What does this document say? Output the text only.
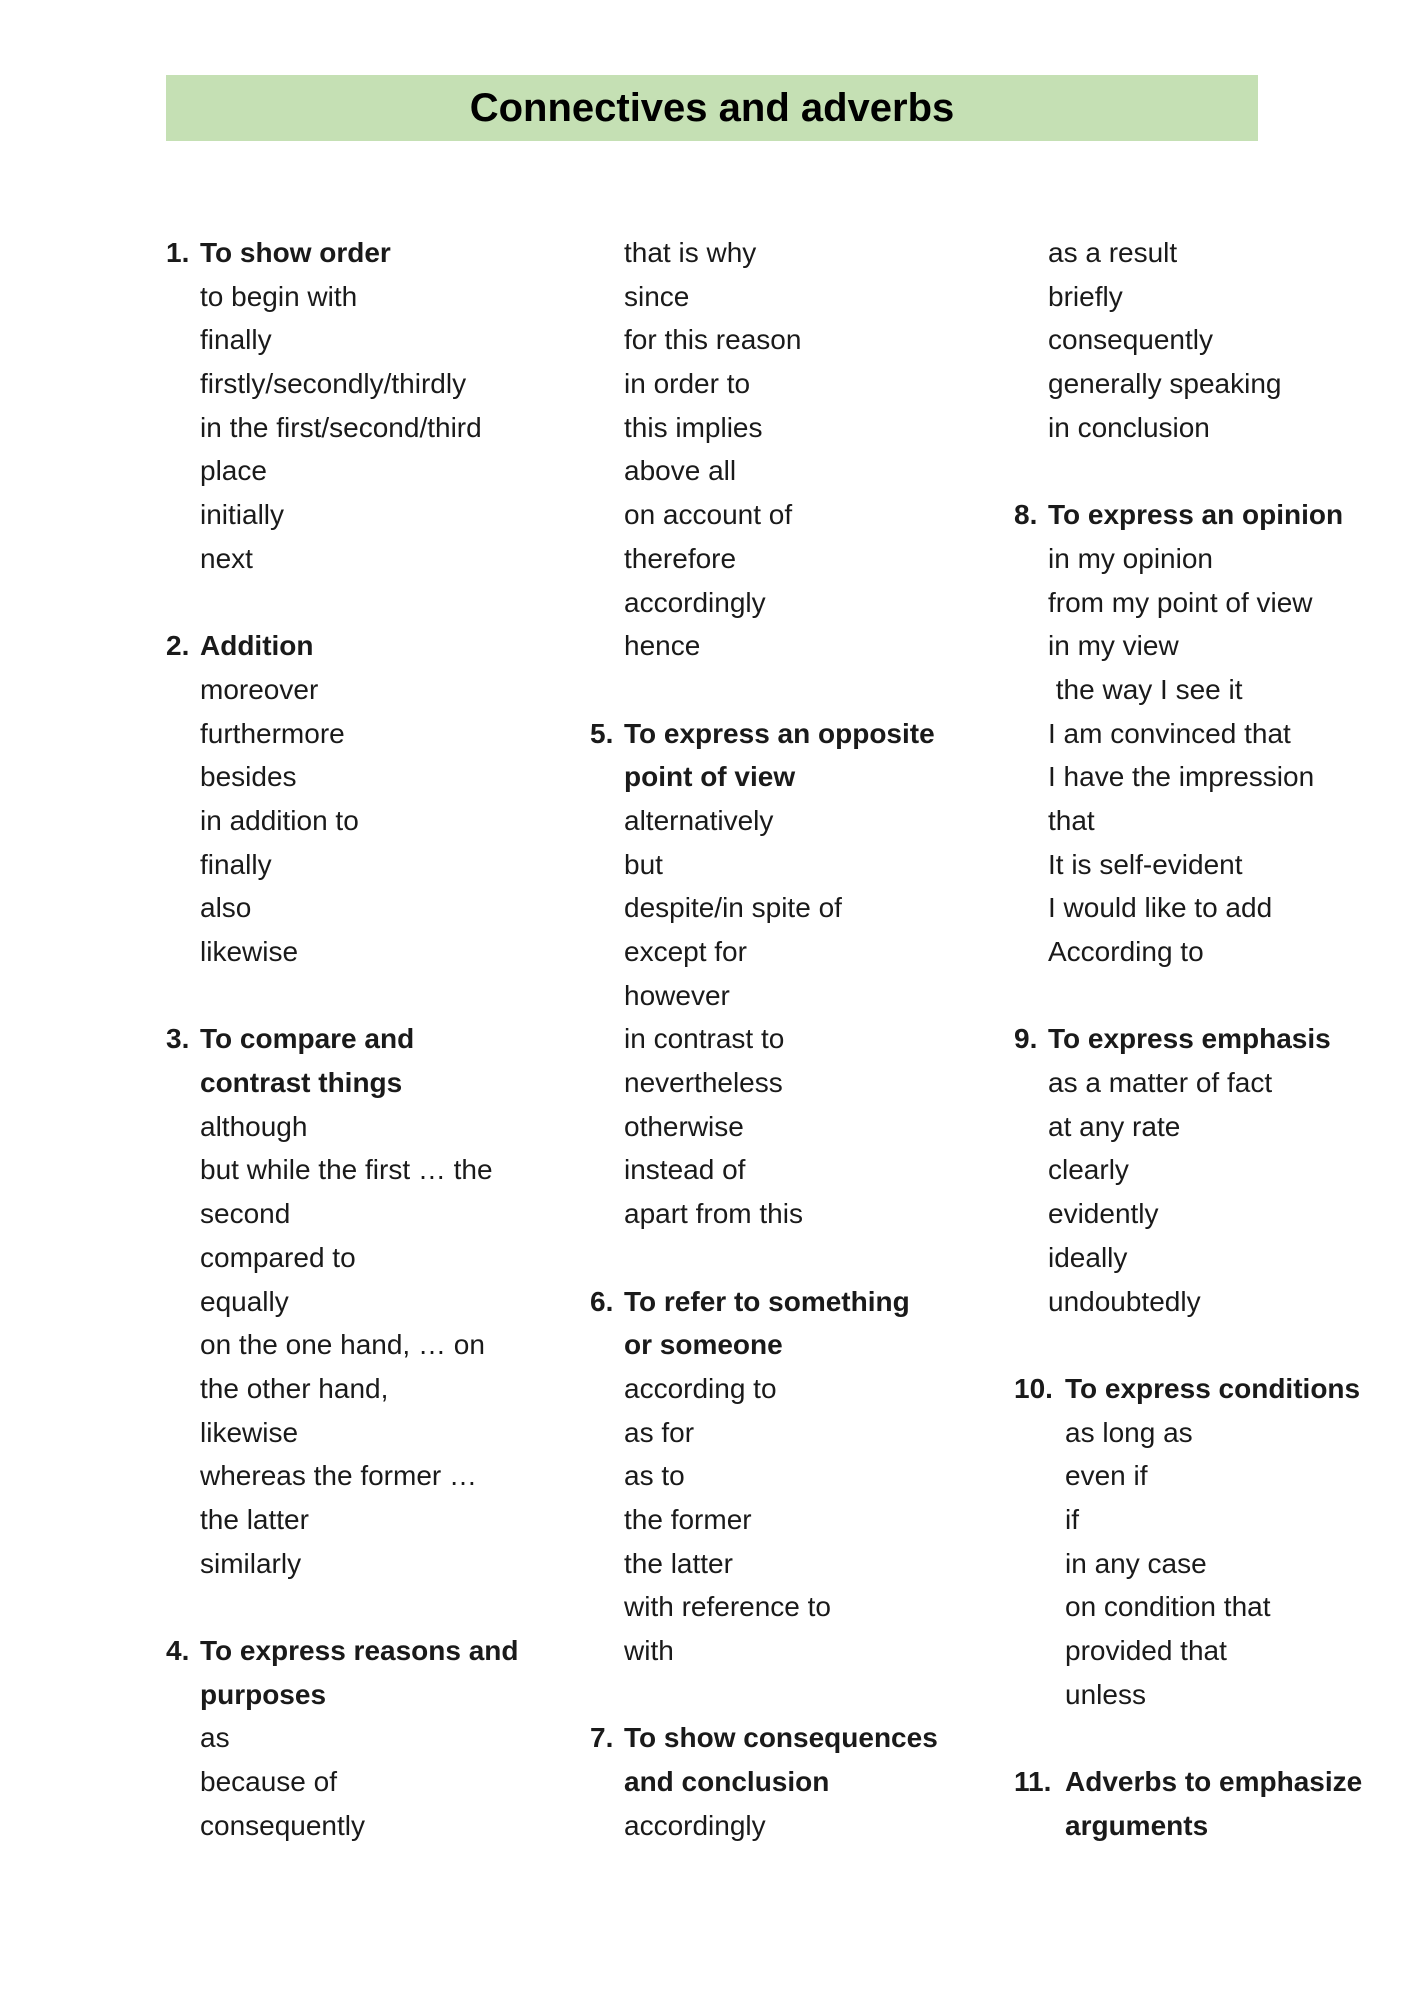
Connectives and adverbs
1. To show order
to begin with
finally
firstly/secondly/thirdly
in the first/second/third
place
initially
next
2. Addition
moreover
furthermore
besides
in addition to
finally
also
likewise
3. To compare and
contrast things
although
but while the first … the
second
compared to
equally
on the one hand, … on
the other hand,
likewise
whereas the former …
the latter
similarly
4. To express reasons and
purposes
as
because of
consequently
that is why
since
for this reason
in order to
this implies
above all
on account of
therefore
accordingly
hence
5. To express an opposite
point of view
alternatively
but
despite/in spite of
except for
however
in contrast to
nevertheless
otherwise
instead of
apart from this
6. To refer to something
or someone
according to
as for
as to
the former
the latter
with reference to
with
7. To show consequences
and conclusion
accordingly
as a result
briefly
consequently
generally speaking
in conclusion
8. To express an opinion
in my opinion
from my point of view
in my view
the way I see it
I am convinced that
I have the impression
that
It is self-evident
I would like to add
According to
9. To express emphasis
as a matter of fact
at any rate
clearly
evidently
ideally
undoubtedly
10. To express conditions
as long as
even if
if
in any case
on condition that
provided that
unless
11. Adverbs to emphasize
arguments
